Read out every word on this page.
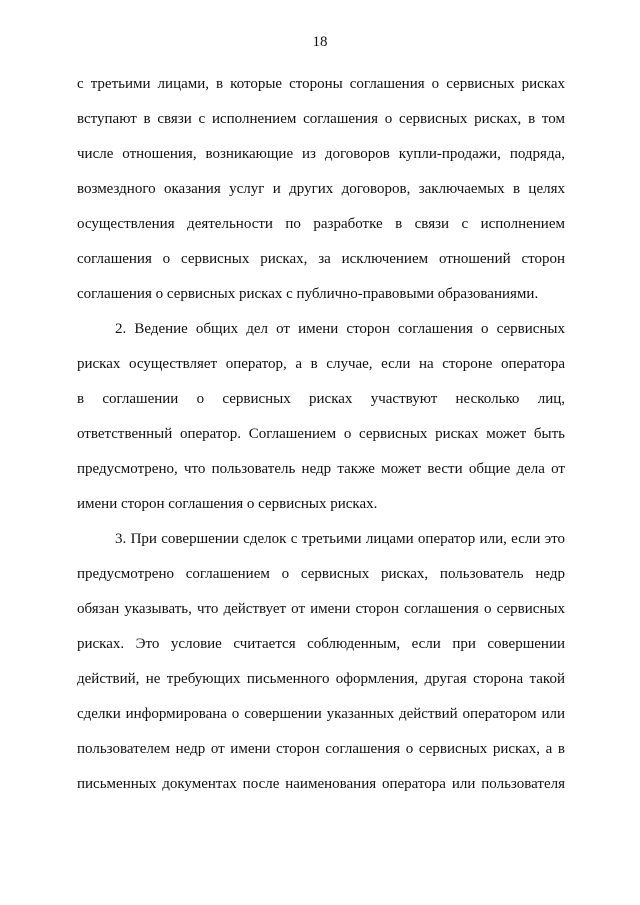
18
с третьими лицами, в которые стороны соглашения о сервисных рисках
вступают в связи с исполнением соглашения о сервисных рисках, в том
числе отношения, возникающие из договоров купли-продажи, подряда,
возмездного оказания услуг и других договоров, заключаемых в целях
осуществления деятельности по разработке в связи с исполнением
соглашения о сервисных рисках, за исключением отношений сторон
соглашения о сервисных рисках с публично-правовыми образованиями.
2. Ведение общих дел от имени сторон соглашения о сервисных
рисках осуществляет оператор, а в случае, если на стороне оператора
в соглашении о сервисных рисках участвуют несколько лиц,
ответственный оператор. Соглашением о сервисных рисках может быть
предусмотрено, что пользователь недр также может вести общие дела от
имени сторон соглашения о сервисных рисках.
3. При совершении сделок с третьими лицами оператор или, если это
предусмотрено соглашением о сервисных рисках, пользователь недр
обязан указывать, что действует от имени сторон соглашения о сервисных
рисках. Это условие считается соблюденным, если при совершении
действий, не требующих письменного оформления, другая сторона такой
сделки информирована о совершении указанных действий оператором или
пользователем недр от имени сторон соглашения о сервисных рисках, а в
письменных документах после наименования оператора или пользователя
